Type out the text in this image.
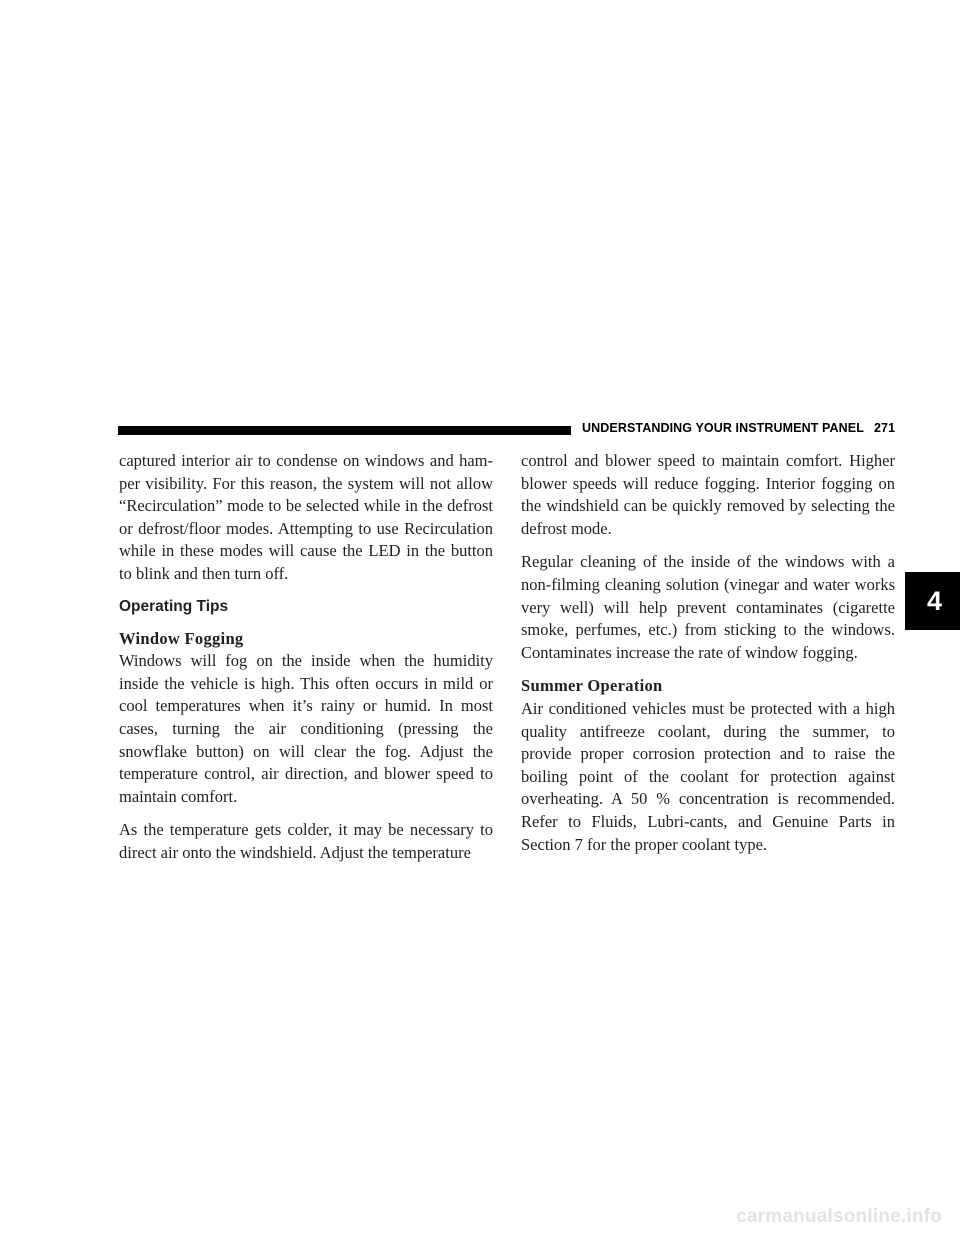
UNDERSTANDING YOUR INSTRUMENT PANEL 271
4

captured interior air to condense on windows and ham-per visibility. For this reason, the system will not allow “Recirculation” mode to be selected while in the defrost or defrost/floor modes. Attempting to use Recirculation while in these modes will cause the LED in the button to blink and then turn off.

Operating Tips
Window Fogging

Windows will fog on the inside when the humidity inside the vehicle is high. This often occurs in mild or cool temperatures when it’s rainy or humid. In most cases, turning the air conditioning (pressing the snowflake button) on will clear the fog. Adjust the temperature control, air direction, and blower speed to maintain comfort.

As the temperature gets colder, it may be necessary to direct air onto the windshield. Adjust the temperature

control and blower speed to maintain comfort. Higher blower speeds will reduce fogging. Interior fogging on the windshield can be quickly removed by selecting the defrost mode.

Regular cleaning of the inside of the windows with a non-filming cleaning solution (vinegar and water works very well) will help prevent contaminates (cigarette smoke, perfumes, etc.) from sticking to the windows. Contaminates increase the rate of window fogging.

Summer Operation

Air conditioned vehicles must be protected with a high quality antifreeze coolant, during the summer, to provide proper corrosion protection and to raise the boiling point of the coolant for protection against overheating. A 50 % concentration is recommended. Refer to Fluids, Lubri-cants, and Genuine Parts in Section 7 for the proper coolant type.

carmanualsonline.info
